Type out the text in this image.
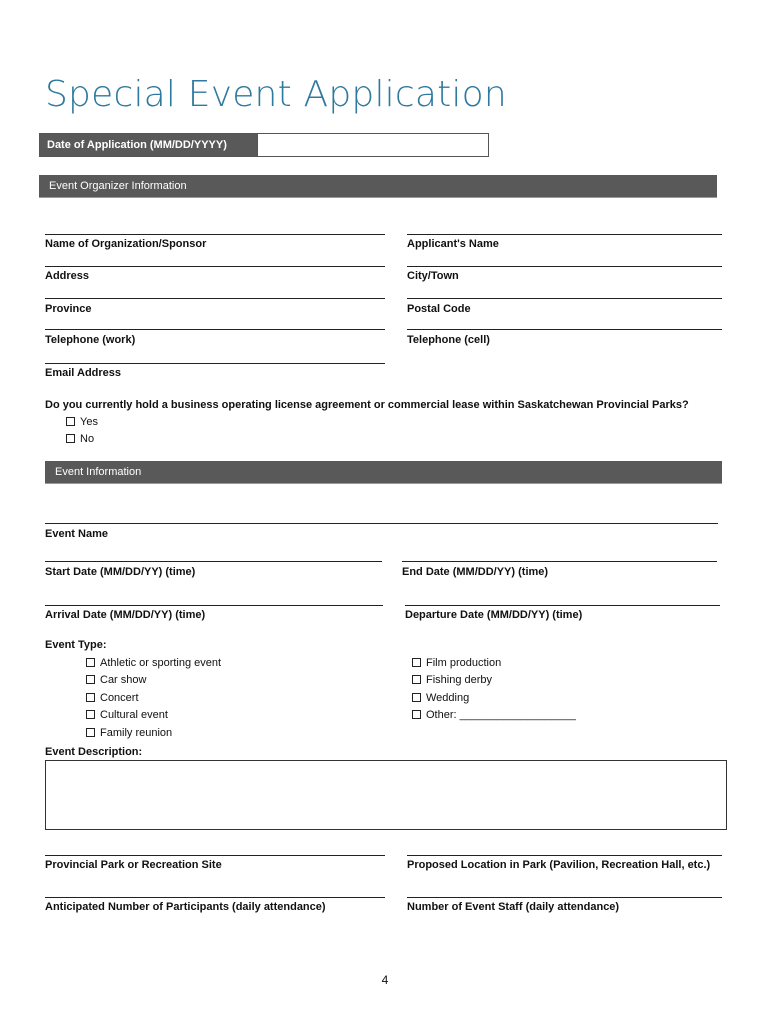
Special Event Application
Date of Application (MM/DD/YYYY)
Event Organizer Information
Name of Organization/Sponsor	Applicant's Name
Address	City/Town
Province	Postal Code
Telephone (work)	Telephone (cell)
Email Address
Do you currently hold a business operating license agreement or commercial lease within Saskatchewan Provincial Parks?
Yes
No
Event Information
Event Name
Start Date (MM/DD/YY) (time)	End Date (MM/DD/YY) (time)
Arrival Date (MM/DD/YY) (time)	Departure Date (MM/DD/YY) (time)
Event Type:
Athletic or sporting event
Car show
Concert
Cultural event
Family reunion
Film production
Fishing derby
Wedding
Other: ___________________
Event Description:
Provincial Park or Recreation Site	Proposed Location in Park (Pavilion, Recreation Hall, etc.)
Anticipated Number of Participants (daily attendance)	Number of Event Staff (daily attendance)
4
